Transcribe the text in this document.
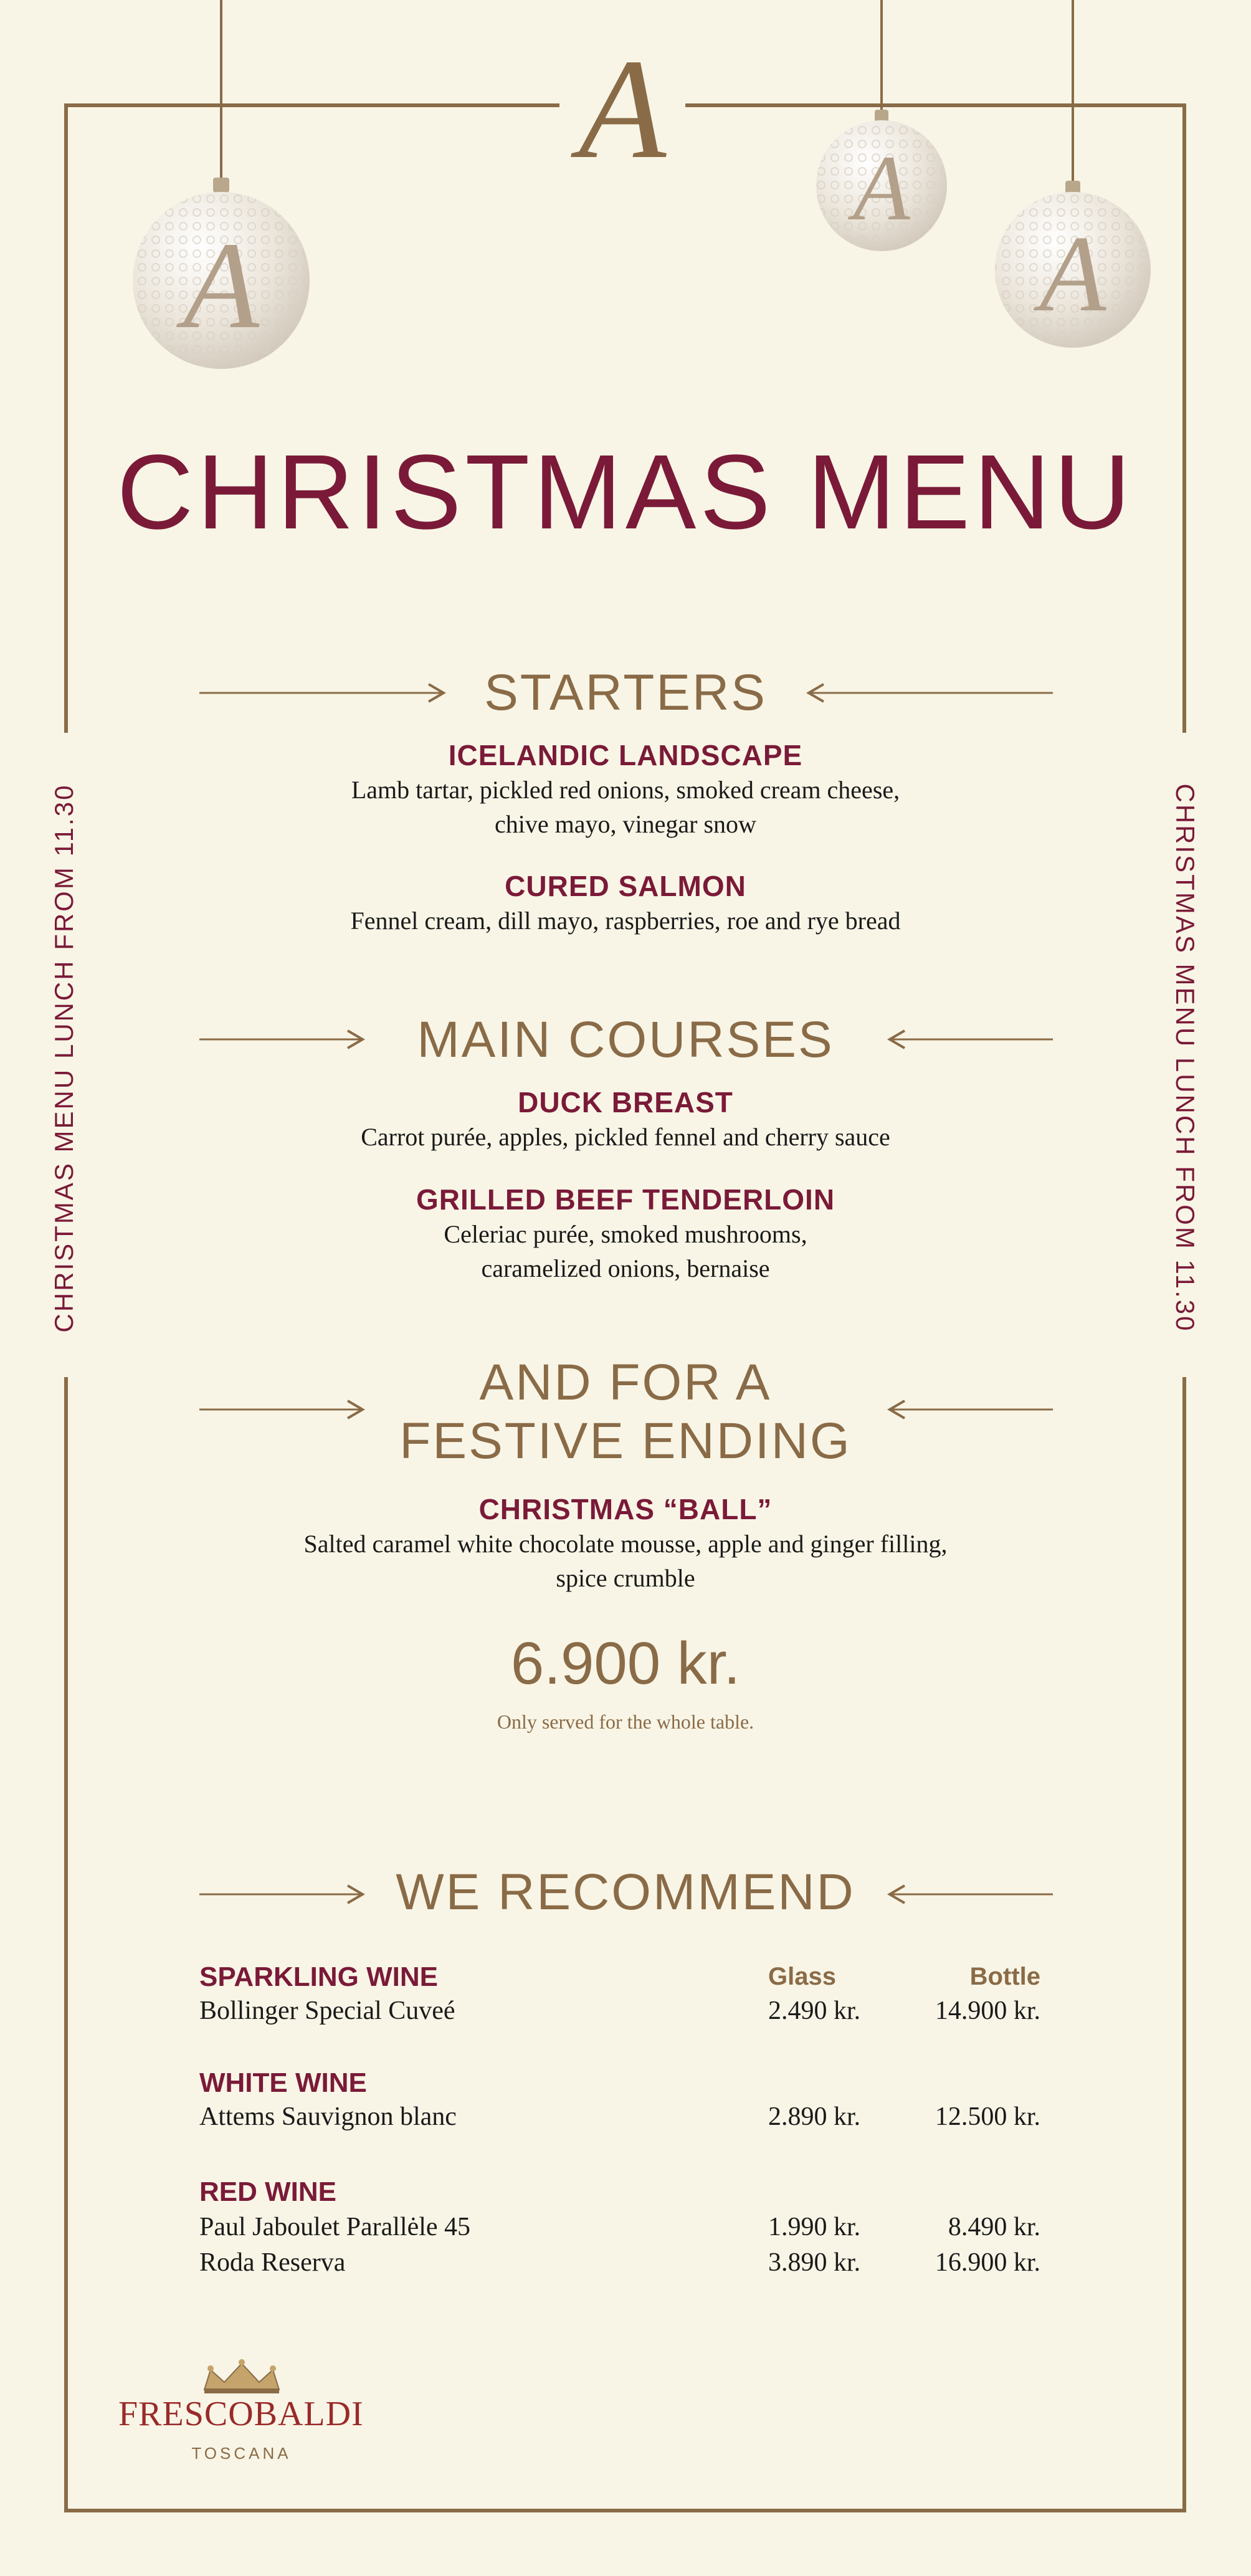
A
A
A
A
CHRISTMAS MENU
CHRISTMAS MENU LUNCH FROM 11.30	CHRISTMAS MENU LUNCH FROM 11.30
STARTERS
ICELANDIC LANDSCAPE
Lamb tartar, pickled red onions, smoked cream cheese,
chive mayo, vinegar snow
CURED SALMON
Fennel cream, dill mayo, raspberries, roe and rye bread
MAIN COURSES
DUCK BREAST
Carrot purée, apples, pickled fennel and cherry sauce
GRILLED BEEF TENDERLOIN
Celeriac purée, smoked mushrooms,
caramelized onions, bernaise
AND FOR A
FESTIVE ENDING
CHRISTMAS “BALL”
Salted caramel white chocolate mousse, apple and ginger filling,
spice crumble
6.900 kr.
Only served for the whole table.
WE RECOMMEND
SPARKLING WINE	Glass	Bottle
Bollinger Special Cuveé	2.490 kr.	14.900 kr.
WHITE WINE
Attems Sauvignon blanc	2.890 kr.	12.500 kr.
RED WINE
Paul Jaboulet Parallėle 45	1.990 kr.	8.490 kr.
Roda Reserva	3.890 kr.	16.900 kr.
FRESCOBALDI
TOSCANA
